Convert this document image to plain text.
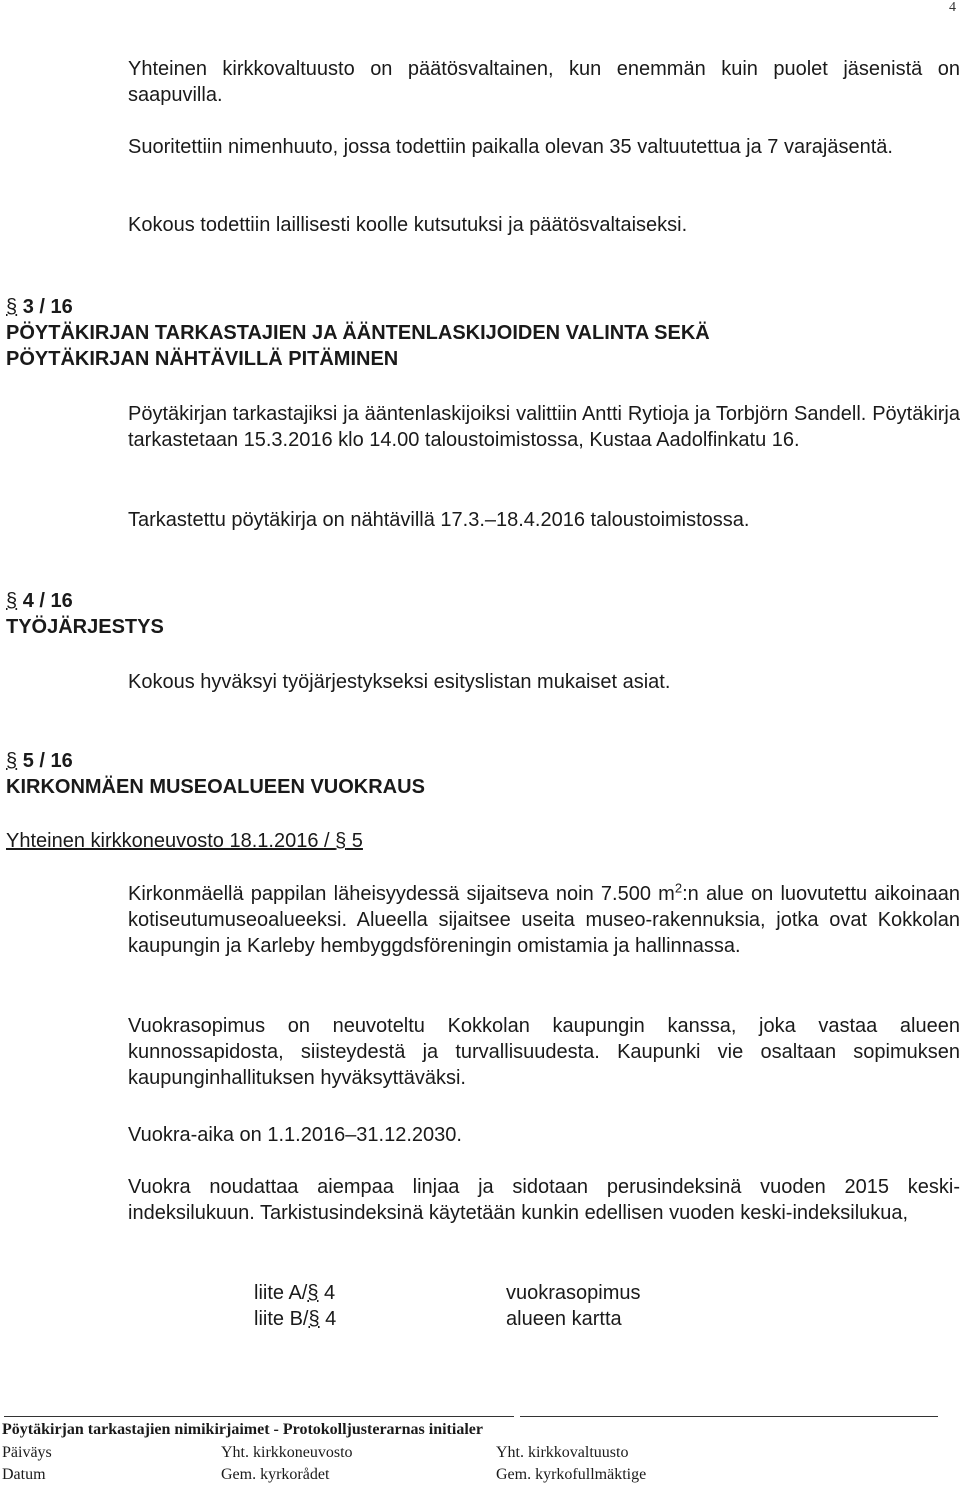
4

Yhteinen kirkkovaltuusto on päätösvaltainen, kun enemmän kuin puolet jäsenistä on saapuvilla.

Suoritettiin nimenhuuto, jossa todettiin paikalla olevan 35 valtuutettua ja 7 varajäsentä.

Kokous todettiin laillisesti koolle kutsutuksi ja päätösvaltaiseksi.

§ 3 / 16
PÖYTÄKIRJAN TARKASTAJIEN JA ÄÄNTENLASKIJOIDEN VALINTA SEKÄ
PÖYTÄKIRJAN NÄHTÄVILLÄ PITÄMINEN

Pöytäkirjan tarkastajiksi ja ääntenlaskijoiksi valittiin Antti Rytioja ja Torbjörn Sandell. Pöytäkirja tarkastetaan 15.3.2016 klo 14.00 taloustoimistossa, Kustaa Aadolfinkatu 16.

Tarkastettu pöytäkirja on nähtävillä 17.3.–18.4.2016 taloustoimistossa.

§ 4 / 16
TYÖJÄRJESTYS

Kokous hyväksyi työjärjestykseksi esityslistan mukaiset asiat.

§ 5 / 16
KIRKONMÄEN MUSEOALUEEN VUOKRAUS
Yhteinen kirkkoneuvosto 18.1.2016 / § 5

Kirkonmäellä pappilan läheisyydessä sijaitseva noin 7.500 $m^2:n$ alue on luovutettu aikoinaan kotiseutumuseoalueeksi. Alueella sijaitsee useita museo-rakennuksia, jotka ovat Kokkolan kaupungin ja Karleby hembyggdsföreningin omistamia ja hallinnassa.

Vuokrasopimus on neuvoteltu Kokkolan kaupungin kanssa, joka vastaa alueen kunnossapidosta, siisteydestä ja turvallisuudesta. Kaupunki vie osaltaan sopimuksen kaupunginhallituksen hyväksyttäväksi.

Vuokra-aika on 1.1.2016–31.12.2030.

Vuokra noudattaa aiempaa linjaa ja sidotaan perusindeksinä vuoden 2015 keski-indeksilukuun. Tarkistusindeksinä käytetään kunkin edellisen vuoden keski-indeksilukua,

liite A/§ 4	vuokrasopimus
liite B/§ 4	alueen kartta
Pöytäkirjan tarkastajien nimikirjaimet - Protokolljusterarnas initialer
Päiväys
Datum
Yht. kirkkoneuvosto
Gem. kyrkorådet
Yht. kirkkovaltuusto
Gem. kyrkofullmäktige
